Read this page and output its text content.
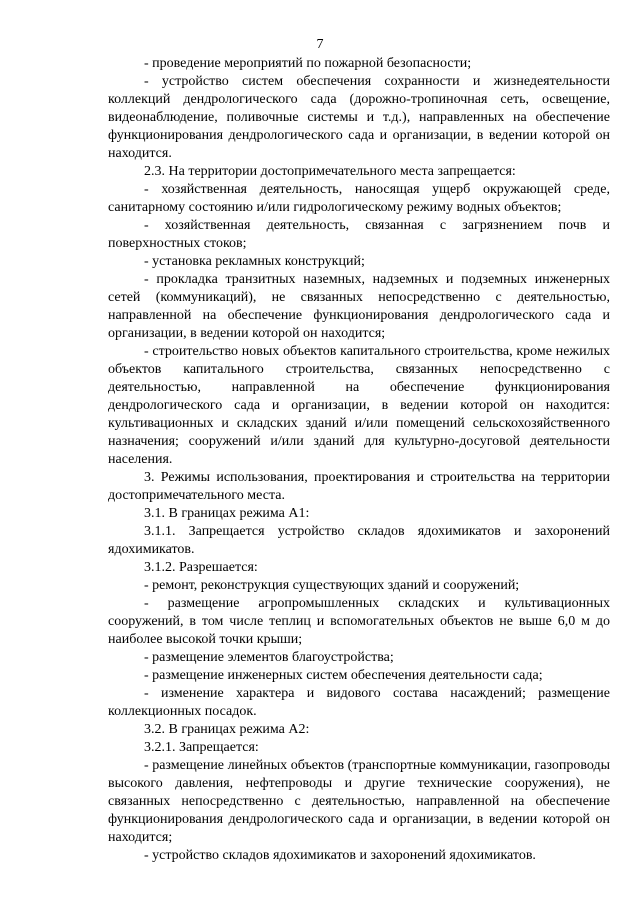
7

- проведение мероприятий по пожарной безопасности;

- устройство систем обеспечения сохранности и жизнедеятельности коллекций дендрологического сада (дорожно-тропиночная сеть, освещение, видеонаблюдение, поливочные системы и т.д.), направленных на обеспечение функционирования дендрологического сада и организации, в ведении которой он находится.

2.3. На территории достопримечательного места запрещается:

- хозяйственная деятельность, наносящая ущерб окружающей среде, санитарному состоянию и/или гидрологическому режиму водных объектов;

- хозяйственная деятельность, связанная с загрязнением почв и поверхностных стоков;

- установка рекламных конструкций;

- прокладка транзитных наземных, надземных и подземных инженерных сетей (коммуникаций), не связанных непосредственно с деятельностью, направленной на обеспечение функционирования дендрологического сада и организации, в ведении которой он находится;

- строительство новых объектов капитального строительства, кроме нежилых объектов капитального строительства, связанных непосредственно с деятельностью, направленной на обеспечение функционирования дендрологического сада и организации, в ведении которой он находится: культивационных и складских зданий и/или помещений сельскохозяйственного назначения; сооружений и/или зданий для культурно-досуговой деятельности населения.

3. Режимы использования, проектирования и строительства на территории достопримечательного места.

3.1. В границах режима А1:

3.1.1. Запрещается устройство складов ядохимикатов и захоронений ядохимикатов.

3.1.2. Разрешается:

- ремонт, реконструкция существующих зданий и сооружений;

- размещение агропромышленных складских и культивационных сооружений, в том числе теплиц и вспомогательных объектов не выше 6,0 м до наиболее высокой точки крыши;

- размещение элементов благоустройства;

- размещение инженерных систем обеспечения деятельности сада;

- изменение характера и видового состава насаждений; размещение коллекционных посадок.

3.2. В границах режима А2:

3.2.1. Запрещается:

- размещение линейных объектов (транспортные коммуникации, газопроводы высокого давления, нефтепроводы и другие технические сооружения), не связанных непосредственно с деятельностью, направленной на обеспечение функционирования дендрологического сада и организации, в ведении которой он находится;

- устройство складов ядохимикатов и захоронений ядохимикатов.
